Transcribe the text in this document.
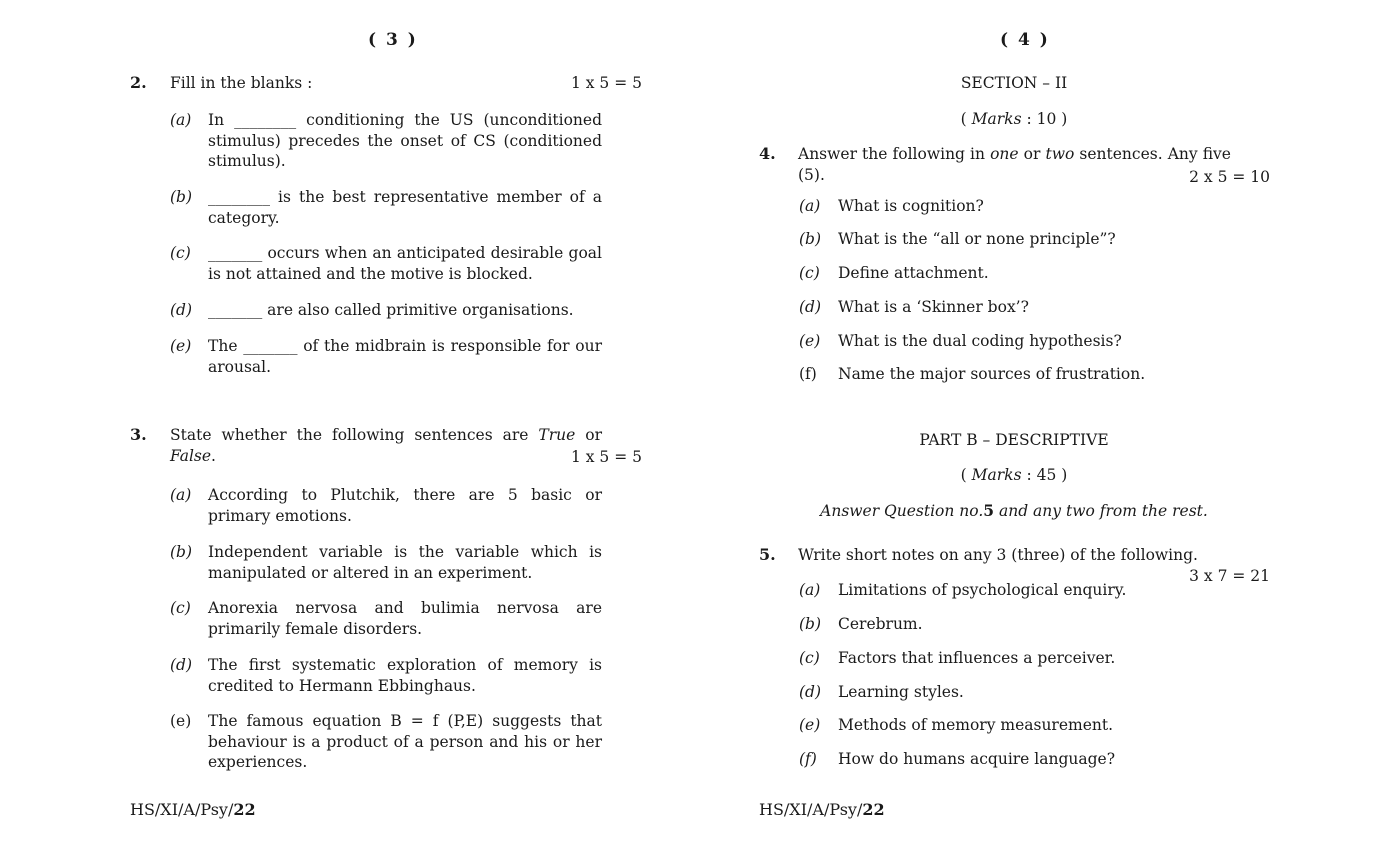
( 3 )
2. Fill in the blanks :	1 x 5 = 5
(a) In ________ conditioning the US (unconditioned stimulus) precedes the onset of CS (conditioned stimulus).
(b) ________ is the best representative member of a category.
(c) _______ occurs when an anticipated desirable goal is not attained and the motive is blocked.
(d) _______ are also called primitive organisations.
(e) The _______ of the midbrain is responsible for our arousal.
3. State whether the following sentences are True or False.	1 x 5 = 5
(a) According to Plutchik, there are 5 basic or primary emotions.
(b) Independent variable is the variable which is manipulated or altered in an experiment.
(c) Anorexia nervosa and bulimia nervosa are primarily female disorders.
(d) The first systematic exploration of memory is credited to Hermann Ebbinghaus.
(e) The famous equation B = f (P,E) suggests that behaviour is a product of a person and his or her experiences.
HS/XI/A/Psy/22
( 4 )
SECTION – II
( Marks : 10 )
4. Answer the following in one or two sentences. Any five (5).	2 x 5 = 10
(a) What is cognition?
(b) What is the “all or none principle”?
(c) Define attachment.
(d) What is a ‘Skinner box’?
(e) What is the dual coding hypothesis?
(f) Name the major sources of frustration.
PART B – DESCRIPTIVE
( Marks : 45 )
Answer Question no.5 and any two from the rest.
5. Write short notes on any 3 (three) of the following.
3 x 7 = 21
(a) Limitations of psychological enquiry.
(b) Cerebrum.
(c) Factors that influences a perceiver.
(d) Learning styles.
(e) Methods of memory measurement.
(f) How do humans acquire language?
HS/XI/A/Psy/22
